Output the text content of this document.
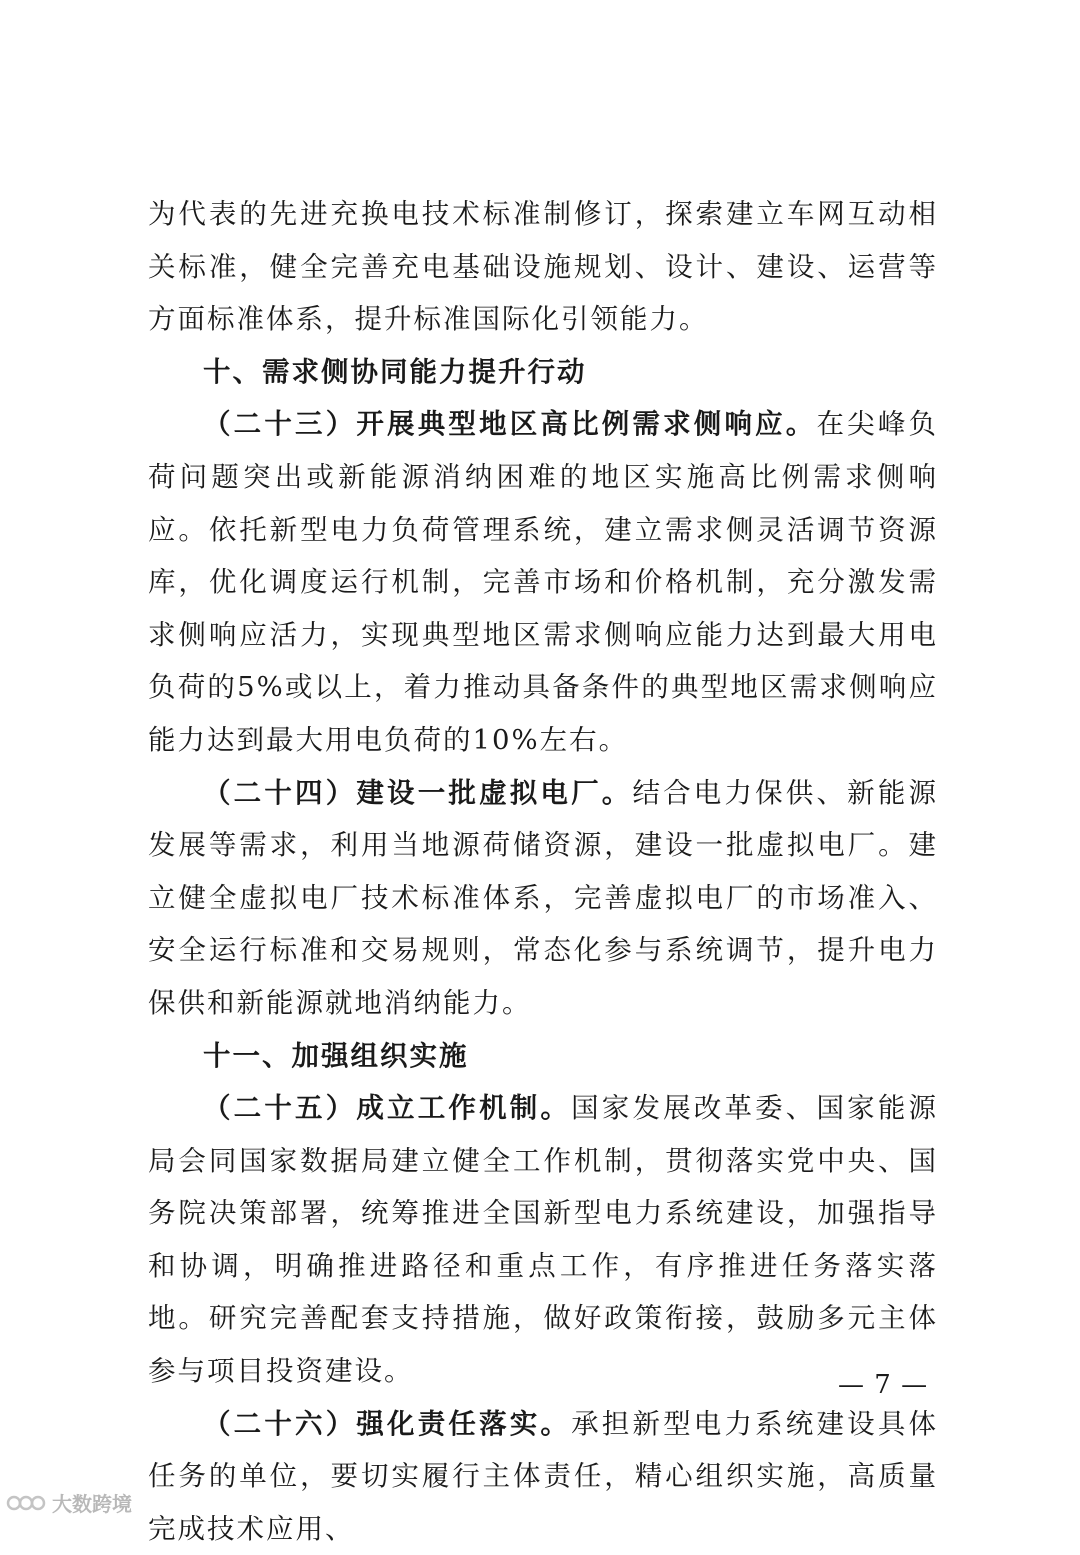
为代表的先进充换电技术标准制修订，探索建立车网互动相关标准，健全完善充电基础设施规划、设计、建设、运营等方面标准体系，提升标准国际化引领能力。

十、需求侧协同能力提升行动

（二十三）开展典型地区高比例需求侧响应。在尖峰负荷问题突出或新能源消纳困难的地区实施高比例需求侧响应。依托新型电力负荷管理系统，建立需求侧灵活调节资源库，优化调度运行机制，完善市场和价格机制，充分激发需求侧响应活力，实现典型地区需求侧响应能力达到最大用电负荷的5%或以上，着力推动具备条件的典型地区需求侧响应能力达到最大用电负荷的10%左右。

（二十四）建设一批虚拟电厂。结合电力保供、新能源发展等需求，利用当地源荷储资源，建设一批虚拟电厂。建立健全虚拟电厂技术标准体系，完善虚拟电厂的市场准入、安全运行标准和交易规则，常态化参与系统调节，提升电力保供和新能源就地消纳能力。

十一、加强组织实施

（二十五）成立工作机制。国家发展改革委、国家能源局会同国家数据局建立健全工作机制，贯彻落实党中央、国务院决策部署，统筹推进全国新型电力系统建设，加强指导和协调，明确推进路径和重点工作，有序推进任务落实落地。研究完善配套支持措施，做好政策衔接，鼓励多元主体参与项目投资建设。

（二十六）强化责任落实。承担新型电力系统建设具体任务的单位，要切实履行主体责任，精心组织实施，高质量完成技术应用、

— 7 —
大数跨境
